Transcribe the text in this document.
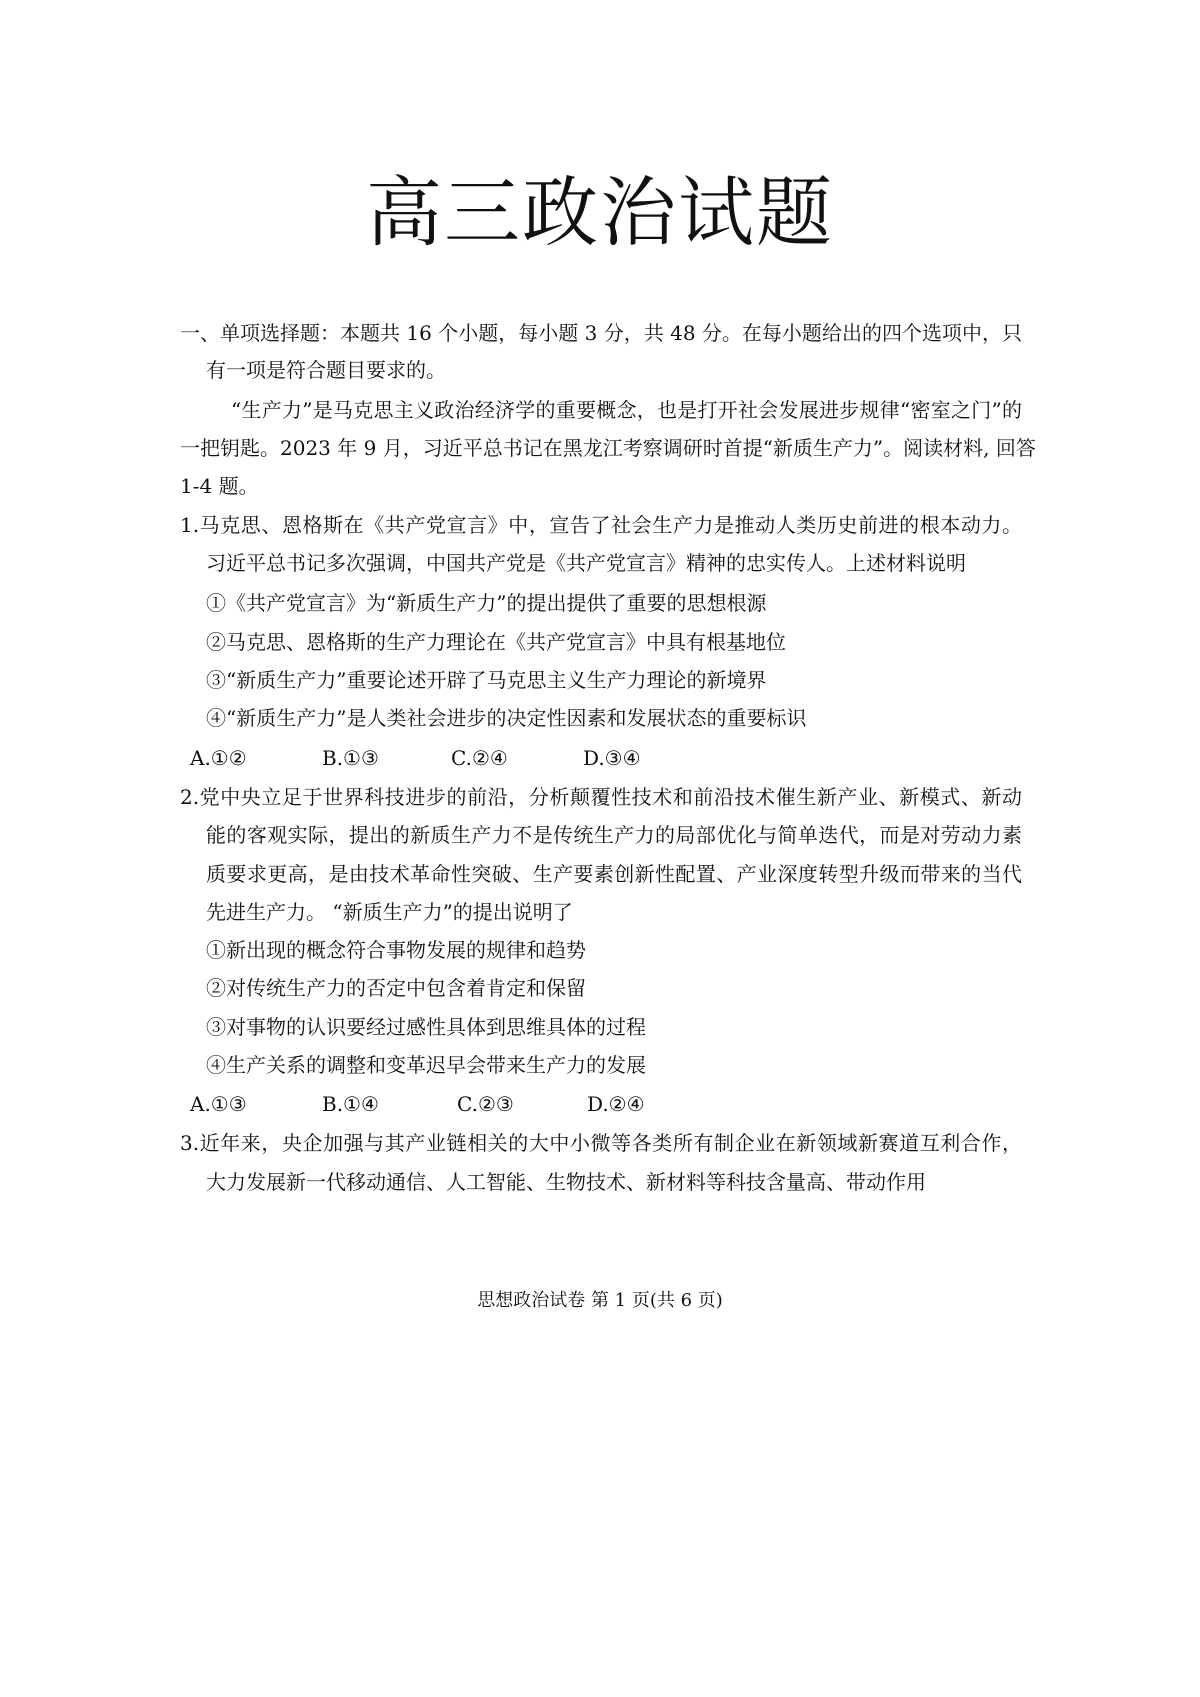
高三政治试题
一、单项选择题：本题共 16 个小题，每小题 3 分，共 48 分。在每小题给出的四个选项中，只
有一项是符合题目要求的。
“生产力”是马克思主义政治经济学的重要概念，也是打开社会发展进步规律“密室之门”的
一把钥匙。2023 年 9 月，习近平总书记在黑龙江考察调研时首提“新质生产力”。阅读材料, 回答
1-4 题。
1.马克思、恩格斯在《共产党宣言》中，宣告了社会生产力是推动人类历史前进的根本动力。
习近平总书记多次强调，中国共产党是《共产党宣言》精神的忠实传人。上述材料说明
①《共产党宣言》为“新质生产力”的提出提供了重要的思想根源
②马克思、恩格斯的生产力理论在《共产党宣言》中具有根基地位
③“新质生产力”重要论述开辟了马克思主义生产力理论的新境界
④“新质生产力”是人类社会进步的决定性因素和发展状态的重要标识
A.①②	B.①③	C.②④	D.③④
2.党中央立足于世界科技进步的前沿，分析颠覆性技术和前沿技术催生新产业、新模式、新动
能的客观实际，提出的新质生产力不是传统生产力的局部优化与简单迭代，而是对劳动力素
质要求更高，是由技术革命性突破、生产要素创新性配置、产业深度转型升级而带来的当代
先进生产力。 “新质生产力”的提出说明了
①新出现的概念符合事物发展的规律和趋势
②对传统生产力的否定中包含着肯定和保留
③对事物的认识要经过感性具体到思维具体的过程
④生产关系的调整和变革迟早会带来生产力的发展
A.①③	B.①④	C.②③	D.②④
3.近年来，央企加强与其产业链相关的大中小微等各类所有制企业在新领域新赛道互利合作，
大力发展新一代移动通信、人工智能、生物技术、新材料等科技含量高、带动作用
思想政治试卷 第 1 页(共 6 页)
